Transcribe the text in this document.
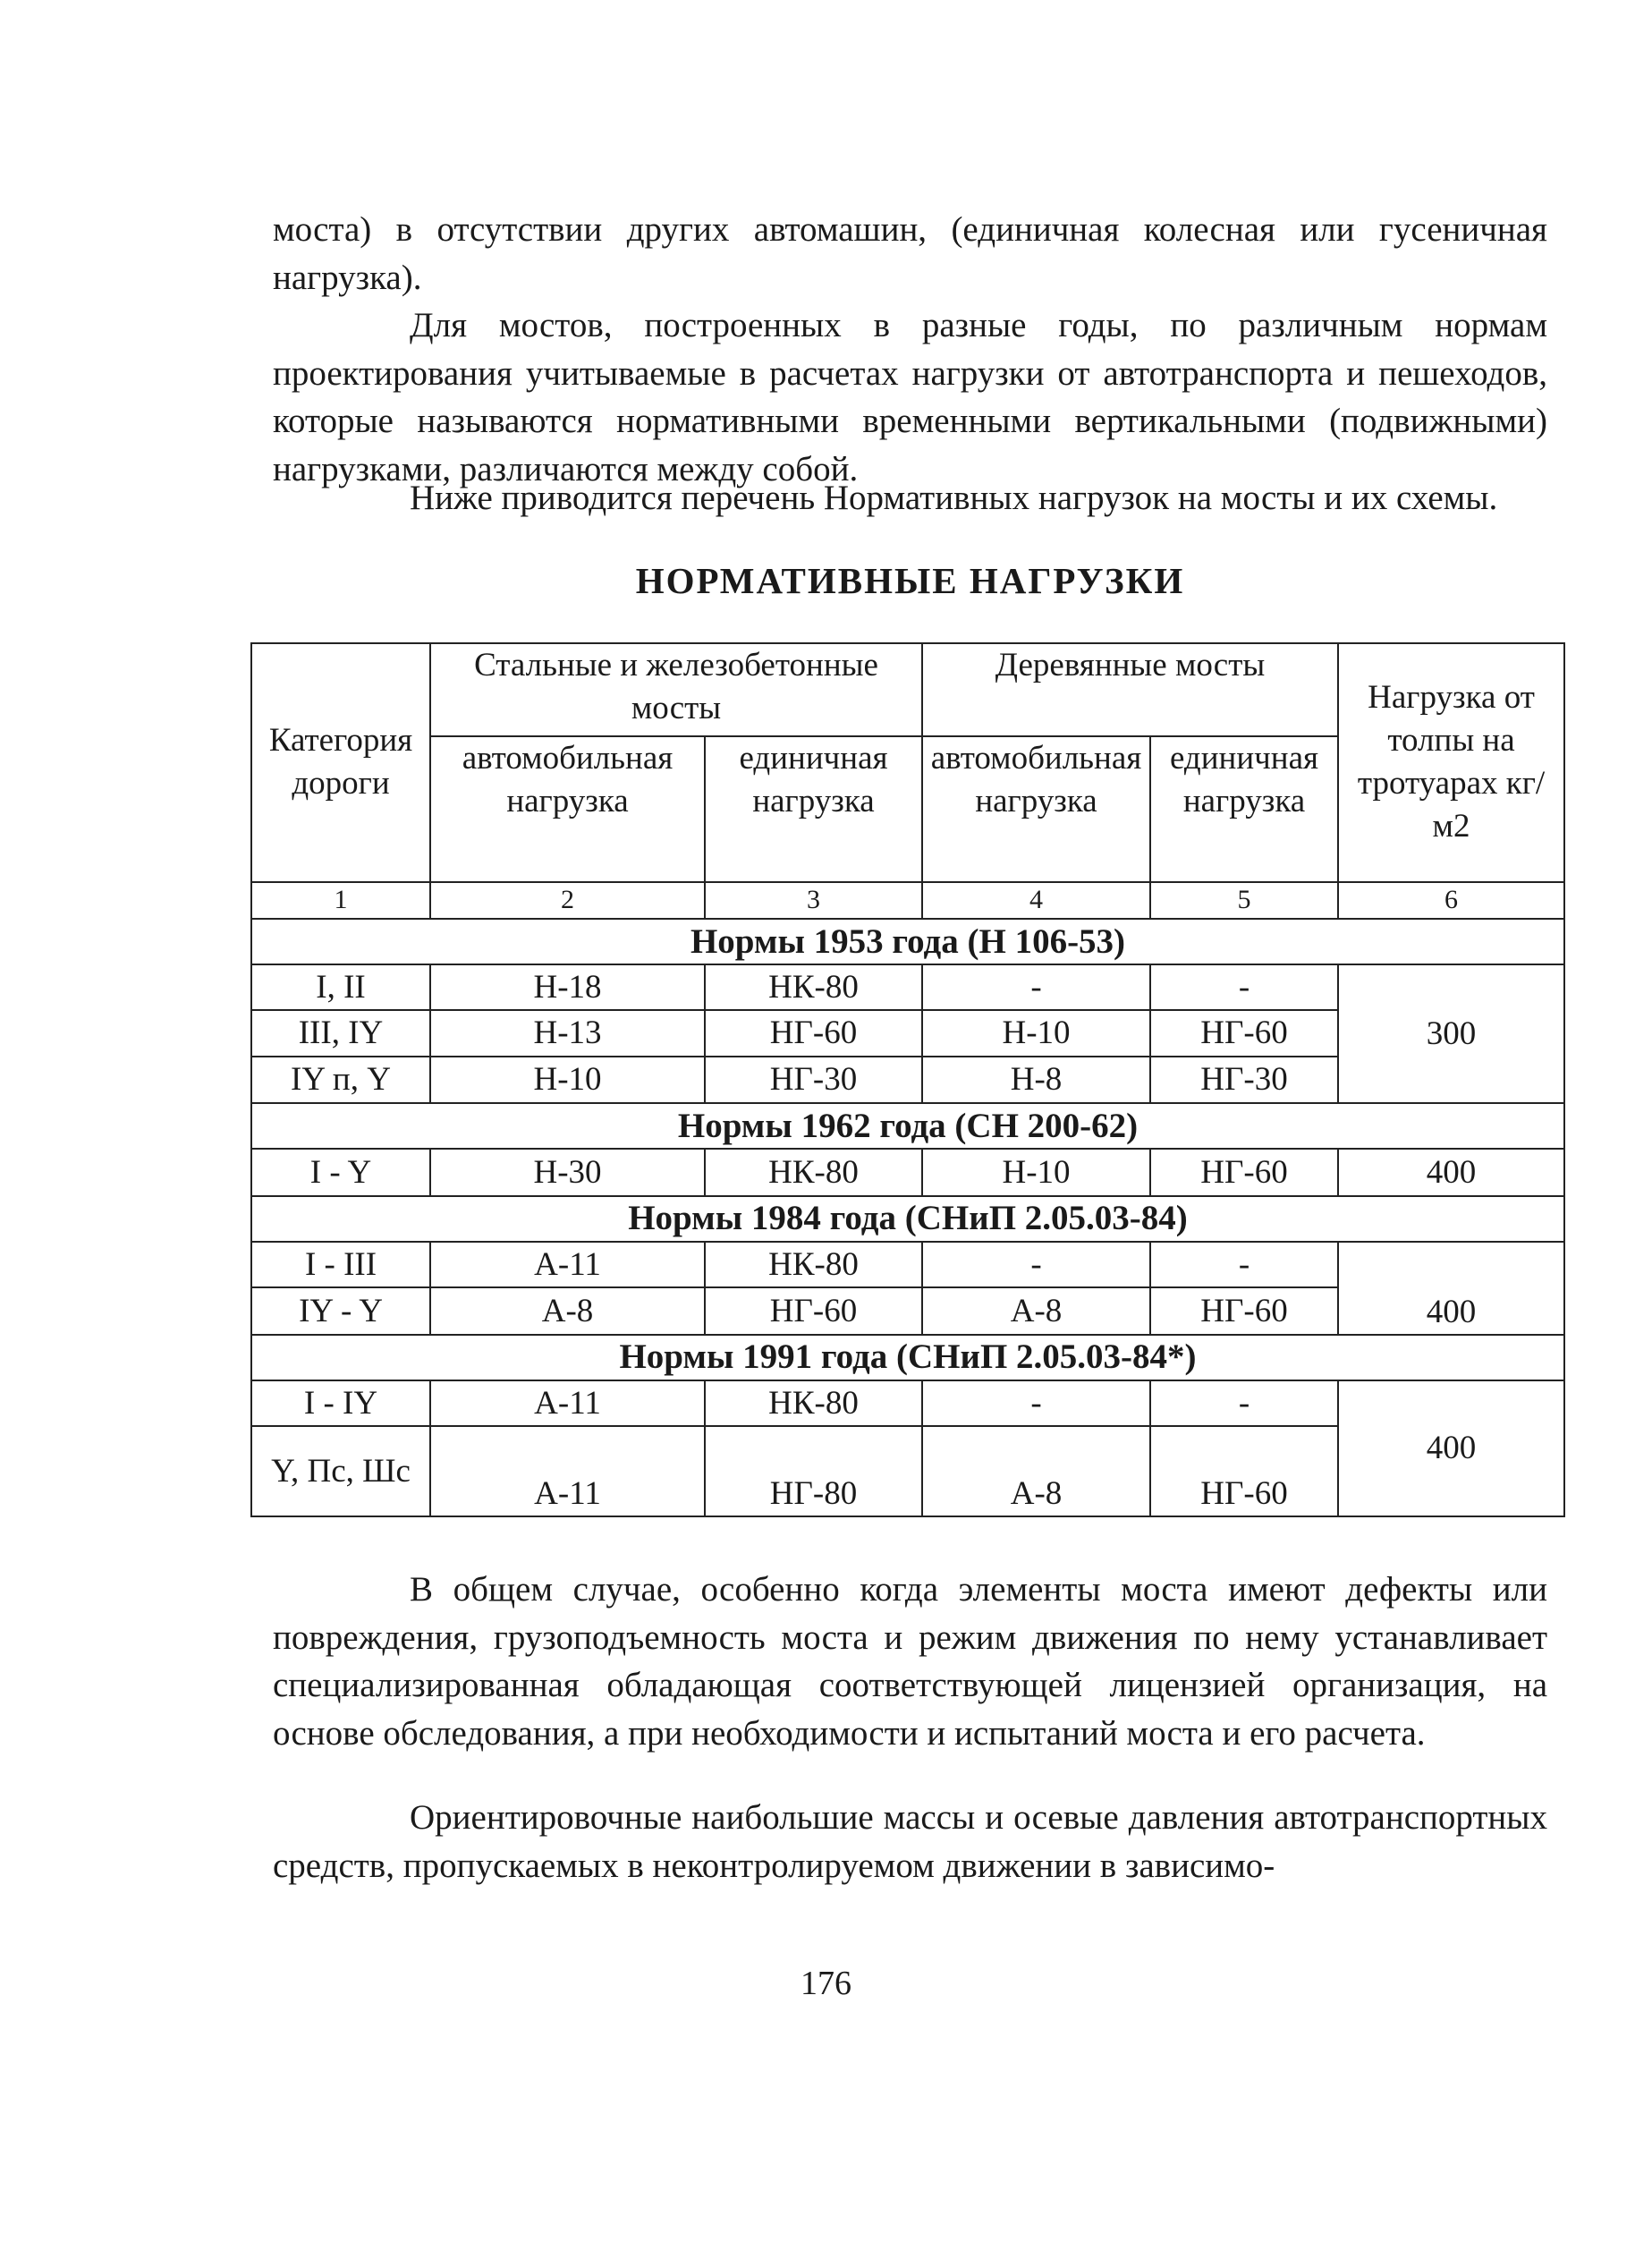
моста) в отсутствии других автомашин, (единичная колесная или гусеничная нагрузка).

Для мостов, построенных в разные годы, по различным нормам проектирования учитываемые в расчетах нагрузки от автотранспорта и пешеходов, которые называются нормативными временными вертикальными (подвижными) нагрузками, различаются между собой.

Ниже приводится перечень Нормативных нагрузок на мосты и их схемы.

НОРМАТИВНЫЕ НАГРУЗКИ
Категория дороги	Стальные и железобетонные мосты		Деревянные мосты		Нагрузка от толпы на тротуарах кг/м2
	автомобильная нагрузка	единичная нагрузка	автомобильная нагрузка	единичная нагрузка	
1	2	3	4	5	6
Нормы 1953 года (Н 106-53)					
I, II	Н-18	НК-80	-	-	300
III, IY	Н-13	НГ-60	Н-10	НГ-60	
IY п, Y	Н-10	НГ-30	Н-8	НГ-30	
Нормы 1962 года (СН 200-62)					
I - Y	Н-30	НК-80	Н-10	НГ-60	400
Нормы 1984 года (СНиП 2.05.03-84)					
I - III	А-11	НК-80	-	-	400
IY - Y	А-8	НГ-60	А-8	НГ-60	
Нормы 1991 года (СНиП 2.05.03-84*)					
I - IY	А-11	НК-80	-	-	400
Y, Пс, Шс	А-11	НГ-80	А-8	НГ-60	

В общем случае, особенно когда элементы моста имеют дефекты или повреждения, грузоподъемность моста и режим движения по нему устанавливает специализированная обладающая соответствующей лицензией организация, на основе обследования, а при необходимости и испытаний моста и его расчета.

Ориентировочные наибольшие массы и осевые давления автотранспортных средств, пропускаемых в неконтролируемом движении в зависимо-

176
